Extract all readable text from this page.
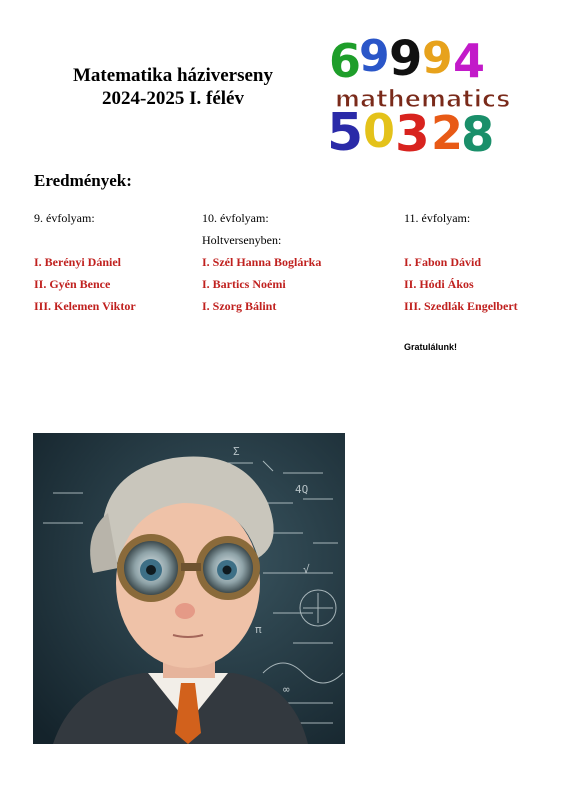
Matematika háziverseny
2024-2025 I. félév
6
9 9 9 4
5 0 3 2
8
mathematics
Eredmények:
9. évfolyam:
I. Berényi Dániel
II. Gyén Bence
III. Kelemen Viktor
10. évfolyam:
Holtversenyben:
I. Szél Hanna Boglárka
I. Bartics Noémi
I. Szorg Bálint
11. évfolyam:
I. Fabon Dávid
II. Hódi Ákos
III. Szedlák Engelbert
Gratulálunk!
Σ
4Q
√
π
∞
